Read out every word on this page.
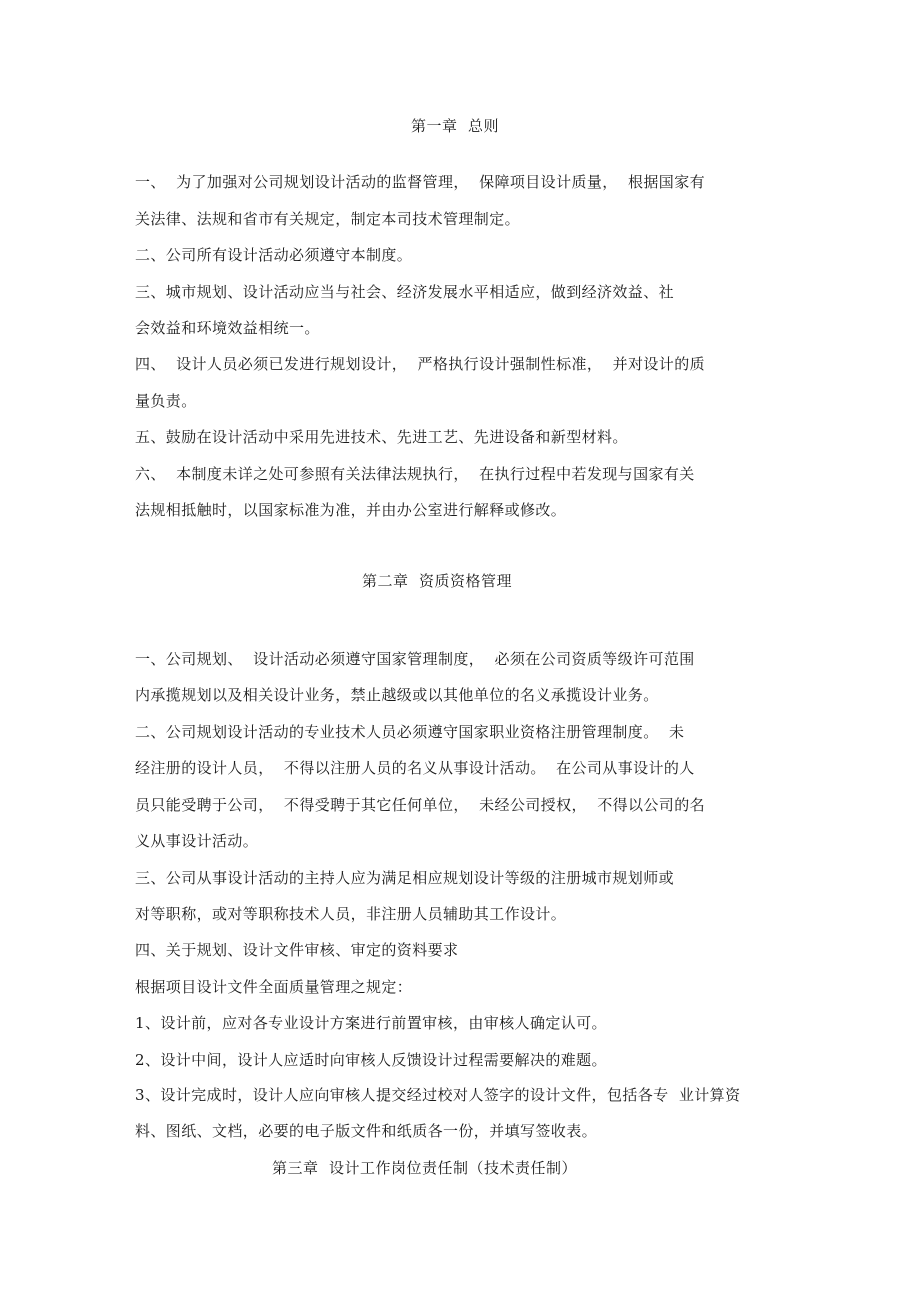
第一章  总则
一、  为了加强对公司规划设计活动的监督管理，  保障项目设计质量，  根据国家有
关法律、法规和省市有关规定，制定本司技术管理制定。
二、公司所有设计活动必须遵守本制度。
三、城市规划、设计活动应当与社会、经济发展水平相适应，做到经济效益、社
会效益和环境效益相统一。
四、  设计人员必须已发进行规划设计，  严格执行设计强制性标准，  并对设计的质
量负责。
五、鼓励在设计活动中采用先进技术、先进工艺、先进设备和新型材料。
六、  本制度未详之处可参照有关法律法规执行，  在执行过程中若发现与国家有关
法规相抵触时，以国家标准为准，并由办公室进行解释或修改。
第二章  资质资格管理
一、公司规划、  设计活动必须遵守国家管理制度，  必须在公司资质等级许可范围
内承揽规划以及相关设计业务，禁止越级或以其他单位的名义承揽设计业务。
二、公司规划设计活动的专业技术人员必须遵守国家职业资格注册管理制度。  未
经注册的设计人员，  不得以注册人员的名义从事设计活动。  在公司从事设计的人
员只能受聘于公司，  不得受聘于其它任何单位，  未经公司授权，  不得以公司的名
义从事设计活动。
三、公司从事设计活动的主持人应为满足相应规划设计等级的注册城市规划师或
对等职称，或对等职称技术人员，非注册人员辅助其工作设计。
四、关于规划、设计文件审核、审定的资料要求
根据项目设计文件全面质量管理之规定：
1、设计前，应对各专业设计方案进行前置审核，由审核人确定认可。
2、设计中间，设计人应适时向审核人反馈设计过程需要解决的难题。
3、设计完成时，设计人应向审核人提交经过校对人签字的设计文件，包括各专  业计算资
料、图纸、文档，必要的电子版文件和纸质各一份，并填写签收表。
第三章  设计工作岗位责任制（技术责任制）
